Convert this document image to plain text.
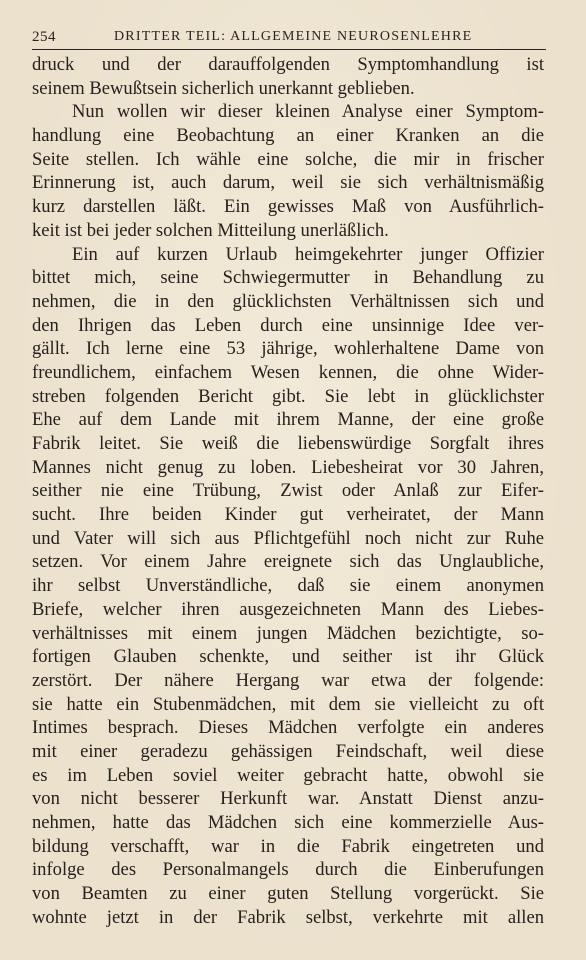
254	DRITTER TEIL: ALLGEMEINE NEUROSENLEHRE
druck und der darauffolgenden Symptomhandlung ist
seinem Bewußtsein sicherlich unerkannt geblieben.
Nun wollen wir dieser kleinen Analyse einer Symptom-
handlung eine Beobachtung an einer Kranken an die
Seite stellen. Ich wähle eine solche, die mir in frischer
Erinnerung ist, auch darum, weil sie sich verhältnismäßig
kurz darstellen läßt. Ein gewisses Maß von Ausführlich-
keit ist bei jeder solchen Mitteilung unerläßlich.
Ein auf kurzen Urlaub heimgekehrter junger Offizier
bittet mich, seine Schwiegermutter in Behandlung zu
nehmen, die in den glücklichsten Verhältnissen sich und
den Ihrigen das Leben durch eine unsinnige Idee ver-
gällt. Ich lerne eine 53 jährige, wohlerhaltene Dame von
freundlichem, einfachem Wesen kennen, die ohne Wider-
streben folgenden Bericht gibt. Sie lebt in glücklichster
Ehe auf dem Lande mit ihrem Manne, der eine große
Fabrik leitet. Sie weiß die liebenswürdige Sorgfalt ihres
Mannes nicht genug zu loben. Liebesheirat vor 30 Jahren,
seither nie eine Trübung, Zwist oder Anlaß zur Eifer-
sucht. Ihre beiden Kinder gut verheiratet, der Mann
und Vater will sich aus Pflichtgefühl noch nicht zur Ruhe
setzen. Vor einem Jahre ereignete sich das Unglaubliche,
ihr selbst Unverständliche, daß sie einem anonymen
Briefe, welcher ihren ausgezeichneten Mann des Liebes-
verhältnisses mit einem jungen Mädchen bezichtigte, so-
fortigen Glauben schenkte, und seither ist ihr Glück
zerstört. Der nähere Hergang war etwa der folgende:
sie hatte ein Stubenmädchen, mit dem sie vielleicht zu oft
Intimes besprach. Dieses Mädchen verfolgte ein anderes
mit einer geradezu gehässigen Feindschaft, weil diese
es im Leben soviel weiter gebracht hatte, obwohl sie
von nicht besserer Herkunft war. Anstatt Dienst anzu-
nehmen, hatte das Mädchen sich eine kommerzielle Aus-
bildung verschafft, war in die Fabrik eingetreten und
infolge des Personalmangels durch die Einberufungen
von Beamten zu einer guten Stellung vorgerückt. Sie
wohnte jetzt in der Fabrik selbst, verkehrte mit allen
